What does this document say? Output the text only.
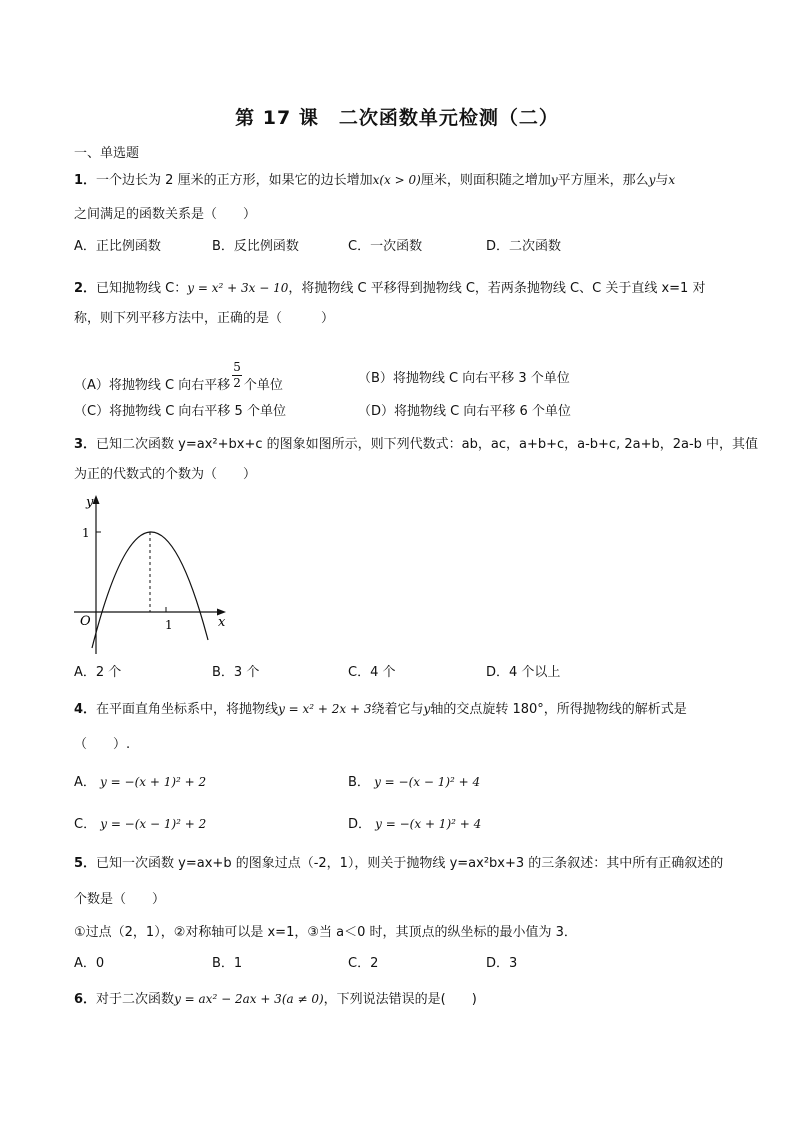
第 17 课　二次函数单元检测（二）
一、单选题
1．一个边长为 2 厘米的正方形，如果它的边长增加x(x > 0)厘米，则面积随之增加y平方厘米，那么y与x
之间满足的函数关系是（　　）
A．正比例函数	B．反比例函数	C．一次函数	D．二次函数
2．已知抛物线 C：y = x² + 3x − 10，将抛物线 C 平移得到抛物线 C，若两条抛物线 C、C 关于直线 x=1 对
称，则下列平移方法中，正确的是（　　　）
（A）将抛物线 C 向右平移 $\frac{5}{2}$ 个单位	（B）将抛物线 C 向右平移 3 个单位
（C）将抛物线 C 向右平移 5 个单位	（D）将抛物线 C 向右平移 6 个单位
3．已知二次函数 y=ax²+bx+c 的图象如图所示，则下列代数式：ab，ac，a+b+c，a-b+c, 2a+b，2a-b 中，其值
为正的代数式的个数为（　　）
y
x
O
1
1
A．2 个	B．3 个	C．4 个	D．4 个以上
4．在平面直角坐标系中，将抛物线y = x² + 2x + 3绕着它与y轴的交点旋转 180°，所得抛物线的解析式是
（　　）.
A． y = −(x + 1)² + 2	B． y = −(x − 1)² + 4
C． y = −(x − 1)² + 2	D． y = −(x + 1)² + 4
5．已知一次函数 y=ax+b 的图象过点（-2，1），则关于抛物线 y=ax²bx+3 的三条叙述：其中所有正确叙述的
个数是（　　）
①过点（2，1），②对称轴可以是 x=1，③当 a＜0 时，其顶点的纵坐标的最小值为 3．
A．0	B．1	C．2	D．3
6．对于二次函数y = ax² − 2ax + 3(a ≠ 0)，下列说法错误的是(　　)
